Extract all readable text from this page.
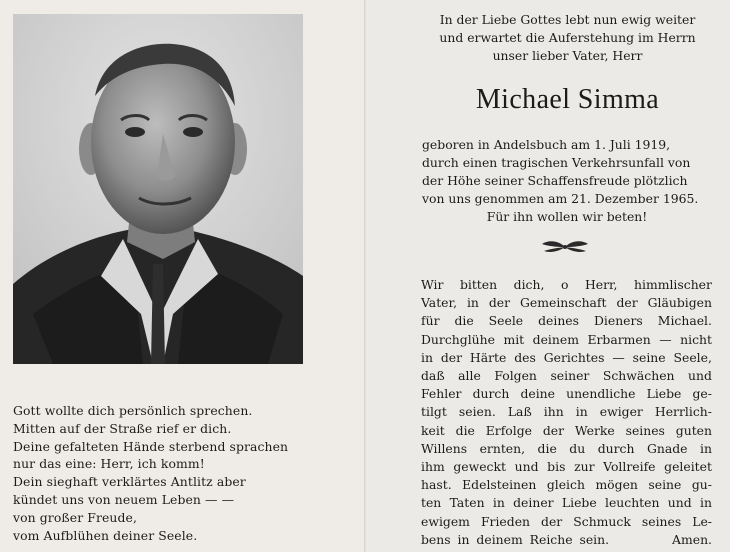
Gott wollte dich persönlich sprechen.
Mitten auf der Straße rief er dich.
Deine gefalteten Hände sterbend sprachen
nur das eine: Herr, ich komm!
Dein sieghaft verklärtes Antlitz aber
kündet uns von neuem Leben — —
von großer Freude,
vom Aufblühen deiner Seele.
In der Liebe Gottes lebt nun ewig weiter
und erwartet die Auferstehung im Herrn
unser lieber Vater, Herr
Michael Simma
geboren in Andelsbuch am 1. Juli 1919,
durch einen tragischen Verkehrsunfall von
der Höhe seiner Schaffensfreude plötzlich
von uns genommen am 21. Dezember 1965.
Für ihn wollen wir beten!
Wir bitten dich, o Herr, himmlischer
Vater, in der Gemeinschaft der Gläubigen
für die Seele deines Dieners Michael.
Durchglühe mit deinem Erbarmen — nicht
in der Härte des Gerichtes — seine Seele,
daß alle Folgen seiner Schwächen und
Fehler durch deine unendliche Liebe ge-
tilgt seien. Laß ihn in ewiger Herrlich-
keit die Erfolge der Werke seines guten
Willens ernten, die du durch Gnade in
ihm geweckt und bis zur Vollreife geleitet
hast. Edelsteinen gleich mögen seine gu-
ten Taten in deiner Liebe leuchten und in
ewigem Frieden der Schmuck seines Le-
bens in deinem Reiche sein.	Amen.
